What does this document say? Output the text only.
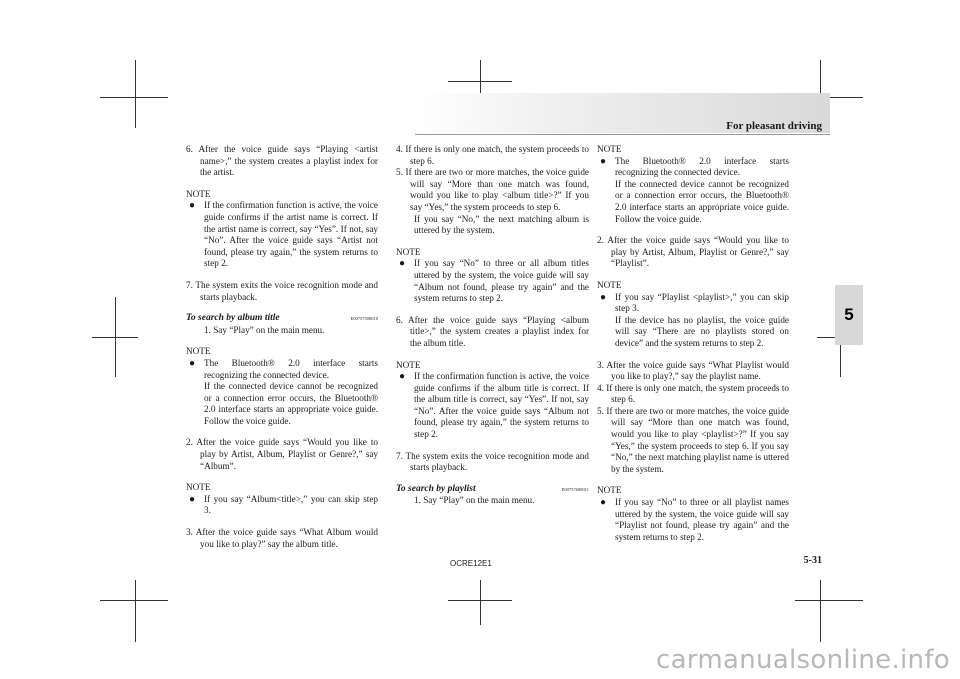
For pleasant driving
5

6. After the voice guide says “Playing <artist name>,” the system creates a playlist index for the artist.

NOTE

● If the confirmation function is active, the voice guide confirms if the artist name is correct. If the artist name is correct, say “Yes”. If not, say “No”. After the voice guide says “Artist not found, please try again,” the system returns to step 2.

7. The system exits the voice recognition mode and starts playback.

To search by album title	E00757500010

1. Say “Play” on the main menu.

NOTE

● The Bluetooth® 2.0 interface starts recognizing the connected device.

If the connected device cannot be recognized or a connection error occurs, the Bluetooth® 2.0 interface starts an appropriate voice guide. Follow the voice guide.

2. After the voice guide says “Would you like to play by Artist, Album, Playlist or Genre?,” say “Album”.

NOTE

● If you say “Album<title>,” you can skip step 3.

3. After the voice guide says “What Album would you like to play?” say the album title.

4. If there is only one match, the system proceeds to step 6.

5. If there are two or more matches, the voice guide will say “More than one match was found, would you like to play <album title>?” If you say “Yes,” the system proceeds to step 6.

If you say “No,” the next matching album is uttered by the system.

NOTE

● If you say “No” to three or all album titles uttered by the system, the voice guide will say “Album not found, please try again” and the system returns to step 2.

6. After the voice guide says “Playing <album title>,” the system creates a playlist index for the album title.

NOTE

● If the confirmation function is active, the voice guide confirms if the album title is correct. If the album title is correct, say “Yes”. If not, say “No”. After the voice guide says “Album not found, please try again,” the system returns to step 2.

7. The system exits the voice recognition mode and starts playback.

To search by playlist	E00757600011

1. Say “Play” on the main menu.

NOTE

● The Bluetooth® 2.0 interface starts recognizing the connected device.

If the connected device cannot be recognized or a connection error occurs, the Bluetooth® 2.0 interface starts an appropriate voice guide. Follow the voice guide.

2. After the voice guide says “Would you like to play by Artist, Album, Playlist or Genre?,” say “Playlist”.

NOTE

● If you say “Playlist <playlist>,” you can skip step 3.

If the device has no playlist, the voice guide will say “There are no playlists stored on device” and the system returns to step 2.

3. After the voice guide says “What Playlist would you like to play?,” say the playlist name.

4. If there is only one match, the system proceeds to step 6.

5. If there are two or more matches, the voice guide will say “More than one match was found, would you like to play <playlist>?” If you say “Yes,” the system proceeds to step 6. If you say “No,” the next matching playlist name is uttered by the system.

NOTE

● If you say “No” to three or all playlist names uttered by the system, the voice guide will say “Playlist not found, please try again” and the system returns to step 2.

OCRE12E1	5-31
carmanualsonline.info
